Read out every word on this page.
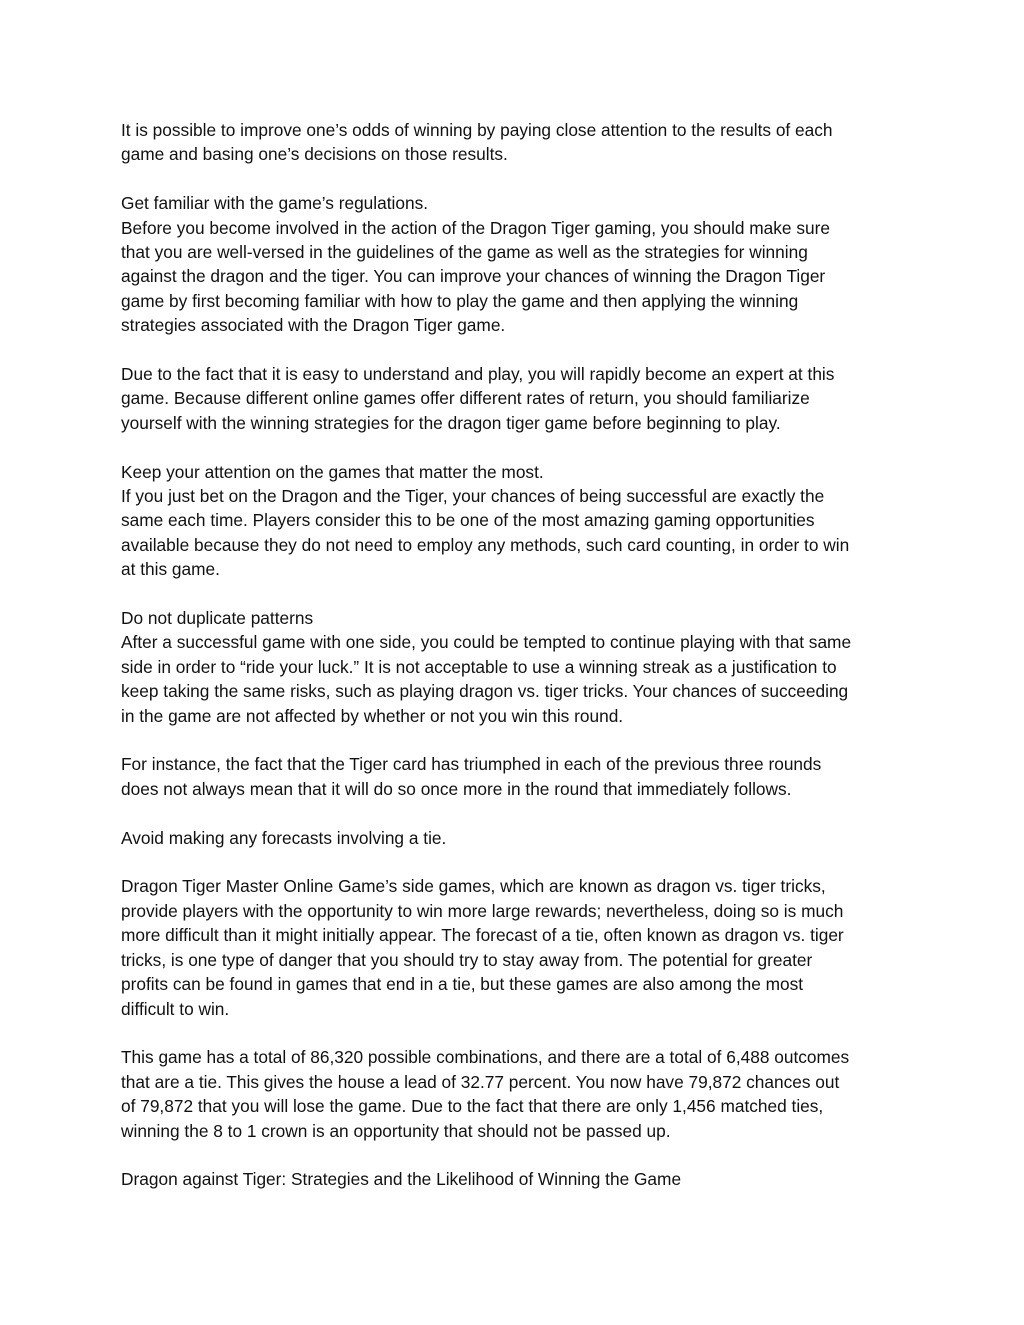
It is possible to improve one’s odds of winning by paying close attention to the results of each
game and basing one’s decisions on those results.

Get familiar with the game’s regulations.
Before you become involved in the action of the Dragon Tiger gaming, you should make sure
that you are well-versed in the guidelines of the game as well as the strategies for winning
against the dragon and the tiger. You can improve your chances of winning the Dragon Tiger
game by first becoming familiar with how to play the game and then applying the winning
strategies associated with the Dragon Tiger game.

Due to the fact that it is easy to understand and play, you will rapidly become an expert at this
game. Because different online games offer different rates of return, you should familiarize
yourself with the winning strategies for the dragon tiger game before beginning to play.

Keep your attention on the games that matter the most.
If you just bet on the Dragon and the Tiger, your chances of being successful are exactly the
same each time. Players consider this to be one of the most amazing gaming opportunities
available because they do not need to employ any methods, such card counting, in order to win
at this game.

Do not duplicate patterns
After a successful game with one side, you could be tempted to continue playing with that same
side in order to “ride your luck.” It is not acceptable to use a winning streak as a justification to
keep taking the same risks, such as playing dragon vs. tiger tricks. Your chances of succeeding
in the game are not affected by whether or not you win this round.

For instance, the fact that the Tiger card has triumphed in each of the previous three rounds
does not always mean that it will do so once more in the round that immediately follows.

Avoid making any forecasts involving a tie.

Dragon Tiger Master Online Game’s side games, which are known as dragon vs. tiger tricks,
provide players with the opportunity to win more large rewards; nevertheless, doing so is much
more difficult than it might initially appear. The forecast of a tie, often known as dragon vs. tiger
tricks, is one type of danger that you should try to stay away from. The potential for greater
profits can be found in games that end in a tie, but these games are also among the most
difficult to win.

This game has a total of 86,320 possible combinations, and there are a total of 6,488 outcomes
that are a tie. This gives the house a lead of 32.77 percent. You now have 79,872 chances out
of 79,872 that you will lose the game. Due to the fact that there are only 1,456 matched ties,
winning the 8 to 1 crown is an opportunity that should not be passed up.

Dragon against Tiger: Strategies and the Likelihood of Winning the Game
